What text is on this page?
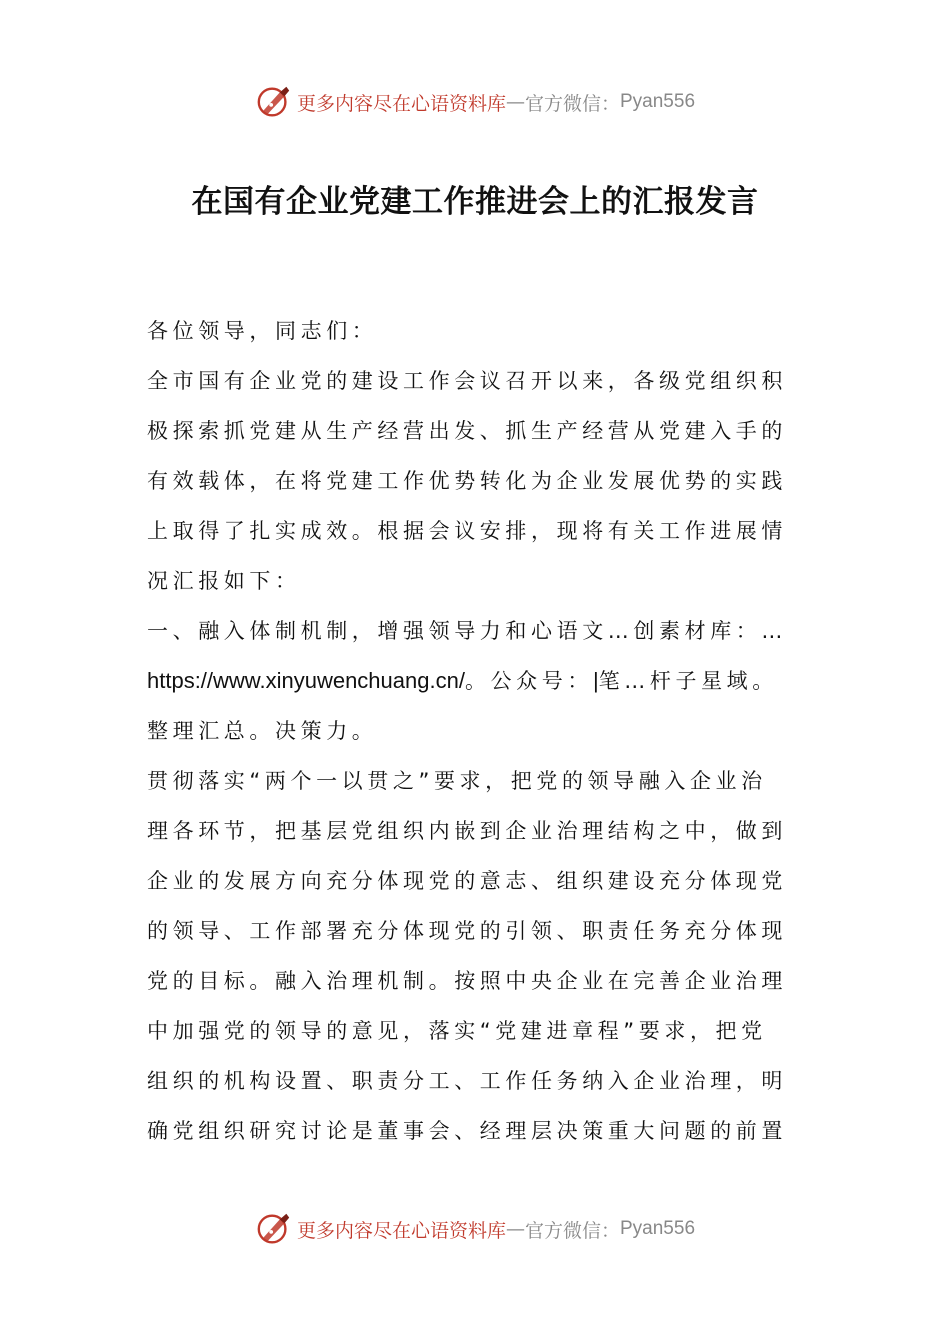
更多内容尽在心语资料库 — 官方微信： Pyan556
在国有企业党建工作推进会上的汇报发言
各位领导，同志们：
全市国有企业党的建设工作会议召开以来，各级党组织积
极探索抓党建从生产经营出发、抓生产经营从党建入手的
有效载体，在将党建工作优势转化为企业发展优势的实践
上取得了扎实成效。根据会议安排，现将有关工作进展情
况汇报如下：
一、融入体制机制，增强领导力和心语文…创素材库：…
https://www.xinyuwenchuang.cn/。公众号：|笔…杆子星域。
整理汇总。决策力。
贯彻落实“两个一以贯之”要求，把党的领导融入企业治
理各环节，把基层党组织内嵌到企业治理结构之中，做到
企业的发展方向充分体现党的意志、组织建设充分体现党
的领导、工作部署充分体现党的引领、职责任务充分体现
党的目标。融入治理机制。按照中央企业在完善企业治理
中加强党的领导的意见，落实“党建进章程”要求，把党
组织的机构设置、职责分工、工作任务纳入企业治理，明
确党组织研究讨论是董事会、经理层决策重大问题的前置
更多内容尽在心语资料库 — 官方微信： Pyan556
